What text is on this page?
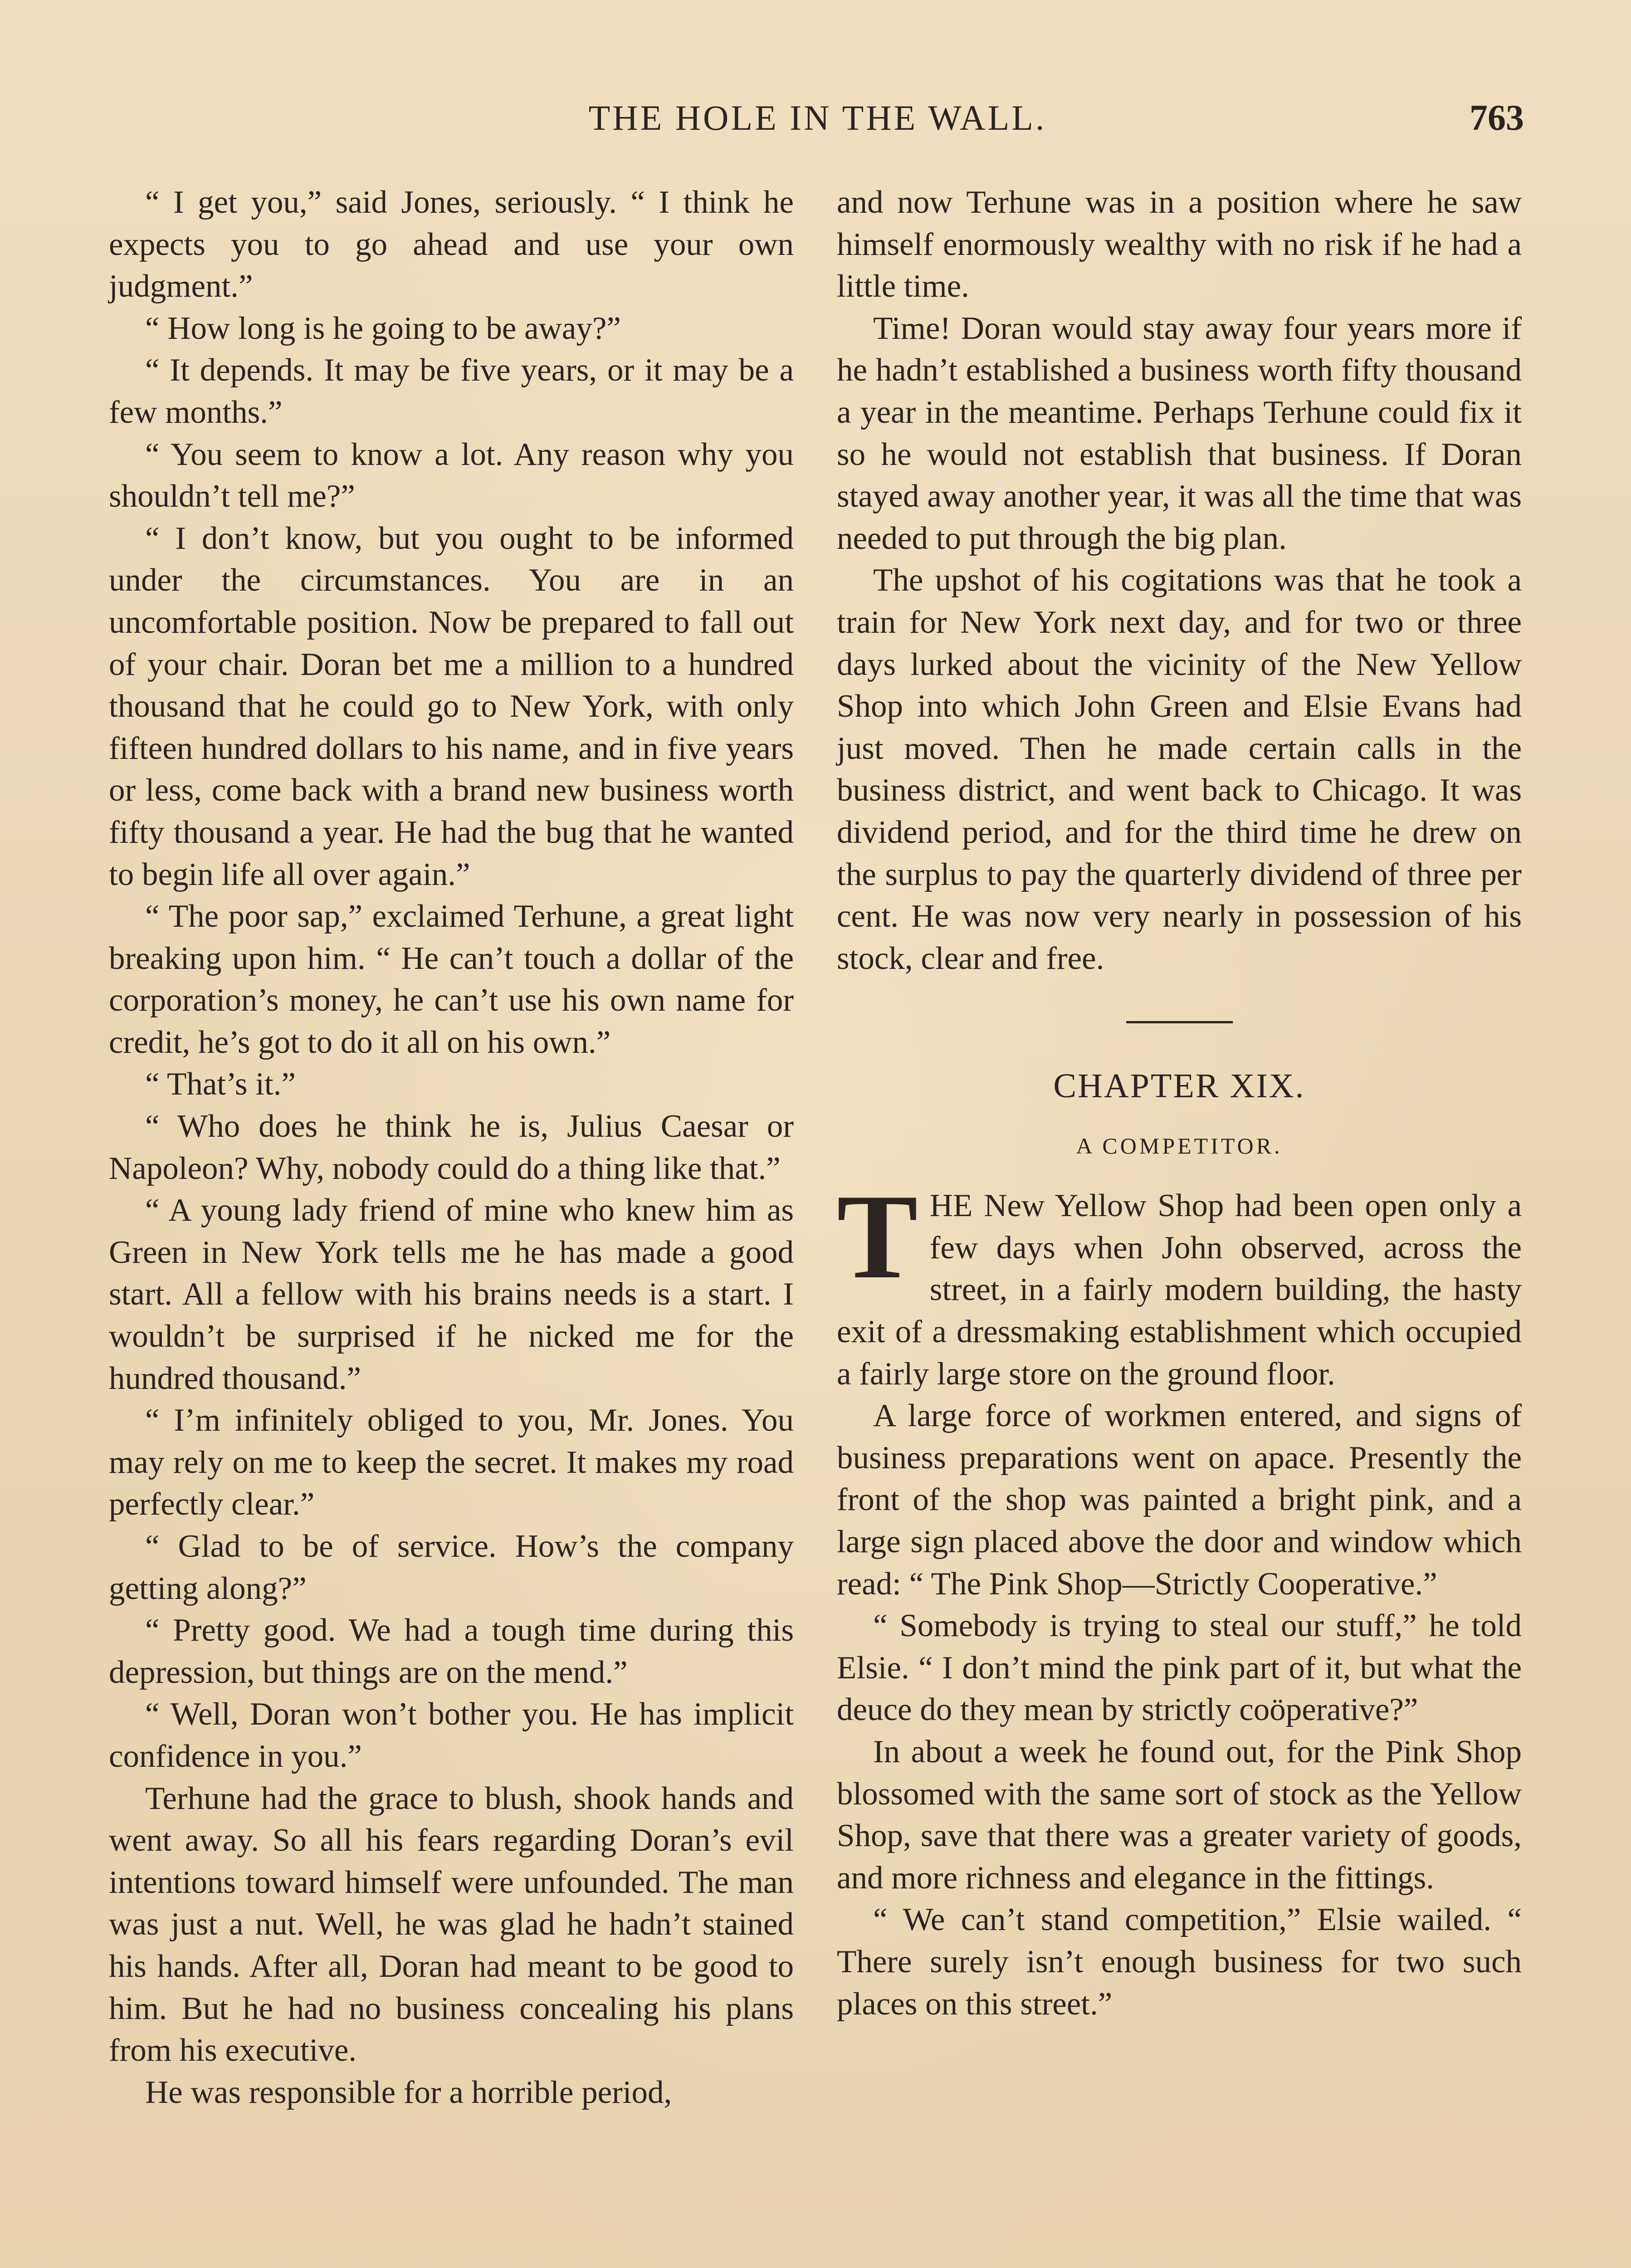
THE HOLE IN THE WALL.	763

“ I get you,” said Jones, seriously. “ I think he expects you to go ahead and use your own judgment.”

“ How long is he going to be away?”

“ It depends. It may be five years, or it may be a few months.”

“ You seem to know a lot. Any reason why you shouldn’t tell me?”

“ I don’t know, but you ought to be informed under the circumstances. You are in an uncomfortable position. Now be prepared to fall out of your chair. Doran bet me a million to a hundred thousand that he could go to New York, with only fifteen hundred dollars to his name, and in five years or less, come back with a brand new business worth fifty thousand a year. He had the bug that he wanted to begin life all over again.”

“ The poor sap,” exclaimed Terhune, a great light breaking upon him. “ He can’t touch a dollar of the corporation’s money, he can’t use his own name for credit, he’s got to do it all on his own.”

“ That’s it.”

“ Who does he think he is, Julius Caesar or Napoleon? Why, nobody could do a thing like that.”

“ A young lady friend of mine who knew him as Green in New York tells me he has made a good start. All a fellow with his brains needs is a start. I wouldn’t be surprised if he nicked me for the hundred thousand.”

“ I’m infinitely obliged to you, Mr. Jones. You may rely on me to keep the secret. It makes my road perfectly clear.”

“ Glad to be of service. How’s the company getting along?”

“ Pretty good. We had a tough time during this depression, but things are on the mend.”

“ Well, Doran won’t bother you. He has implicit confidence in you.”

Terhune had the grace to blush, shook hands and went away. So all his fears regarding Doran’s evil intentions toward himself were unfounded. The man was just a nut. Well, he was glad he hadn’t stained his hands. After all, Doran had meant to be good to him. But he had no business concealing his plans from his executive.

He was responsible for a horrible period,

and now Terhune was in a position where he saw himself enormously wealthy with no risk if he had a little time.

Time! Doran would stay away four years more if he hadn’t established a business worth fifty thousand a year in the meantime. Perhaps Terhune could fix it so he would not establish that business. If Doran stayed away another year, it was all the time that was needed to put through the big plan.

The upshot of his cogitations was that he took a train for New York next day, and for two or three days lurked about the vicinity of the New Yellow Shop into which John Green and Elsie Evans had just moved. Then he made certain calls in the business district, and went back to Chicago. It was dividend period, and for the third time he drew on the surplus to pay the quarterly dividend of three per cent. He was now very nearly in possession of his stock, clear and free.

CHAPTER XIX.
A COMPETITOR.

THE New Yellow Shop had been open only a few days when John observed, across the street, in a fairly modern building, the hasty exit of a dressmaking establishment which occupied a fairly large store on the ground floor.

A large force of workmen entered, and signs of business preparations went on apace. Presently the front of the shop was painted a bright pink, and a large sign placed above the door and window which read: “ The Pink Shop—Strictly Cooperative.”

“ Somebody is trying to steal our stuff,” he told Elsie. “ I don’t mind the pink part of it, but what the deuce do they mean by strictly coöperative?”

In about a week he found out, for the Pink Shop blossomed with the same sort of stock as the Yellow Shop, save that there was a greater variety of goods, and more richness and elegance in the fittings.

“ We can’t stand competition,” Elsie wailed. “ There surely isn’t enough business for two such places on this street.”
